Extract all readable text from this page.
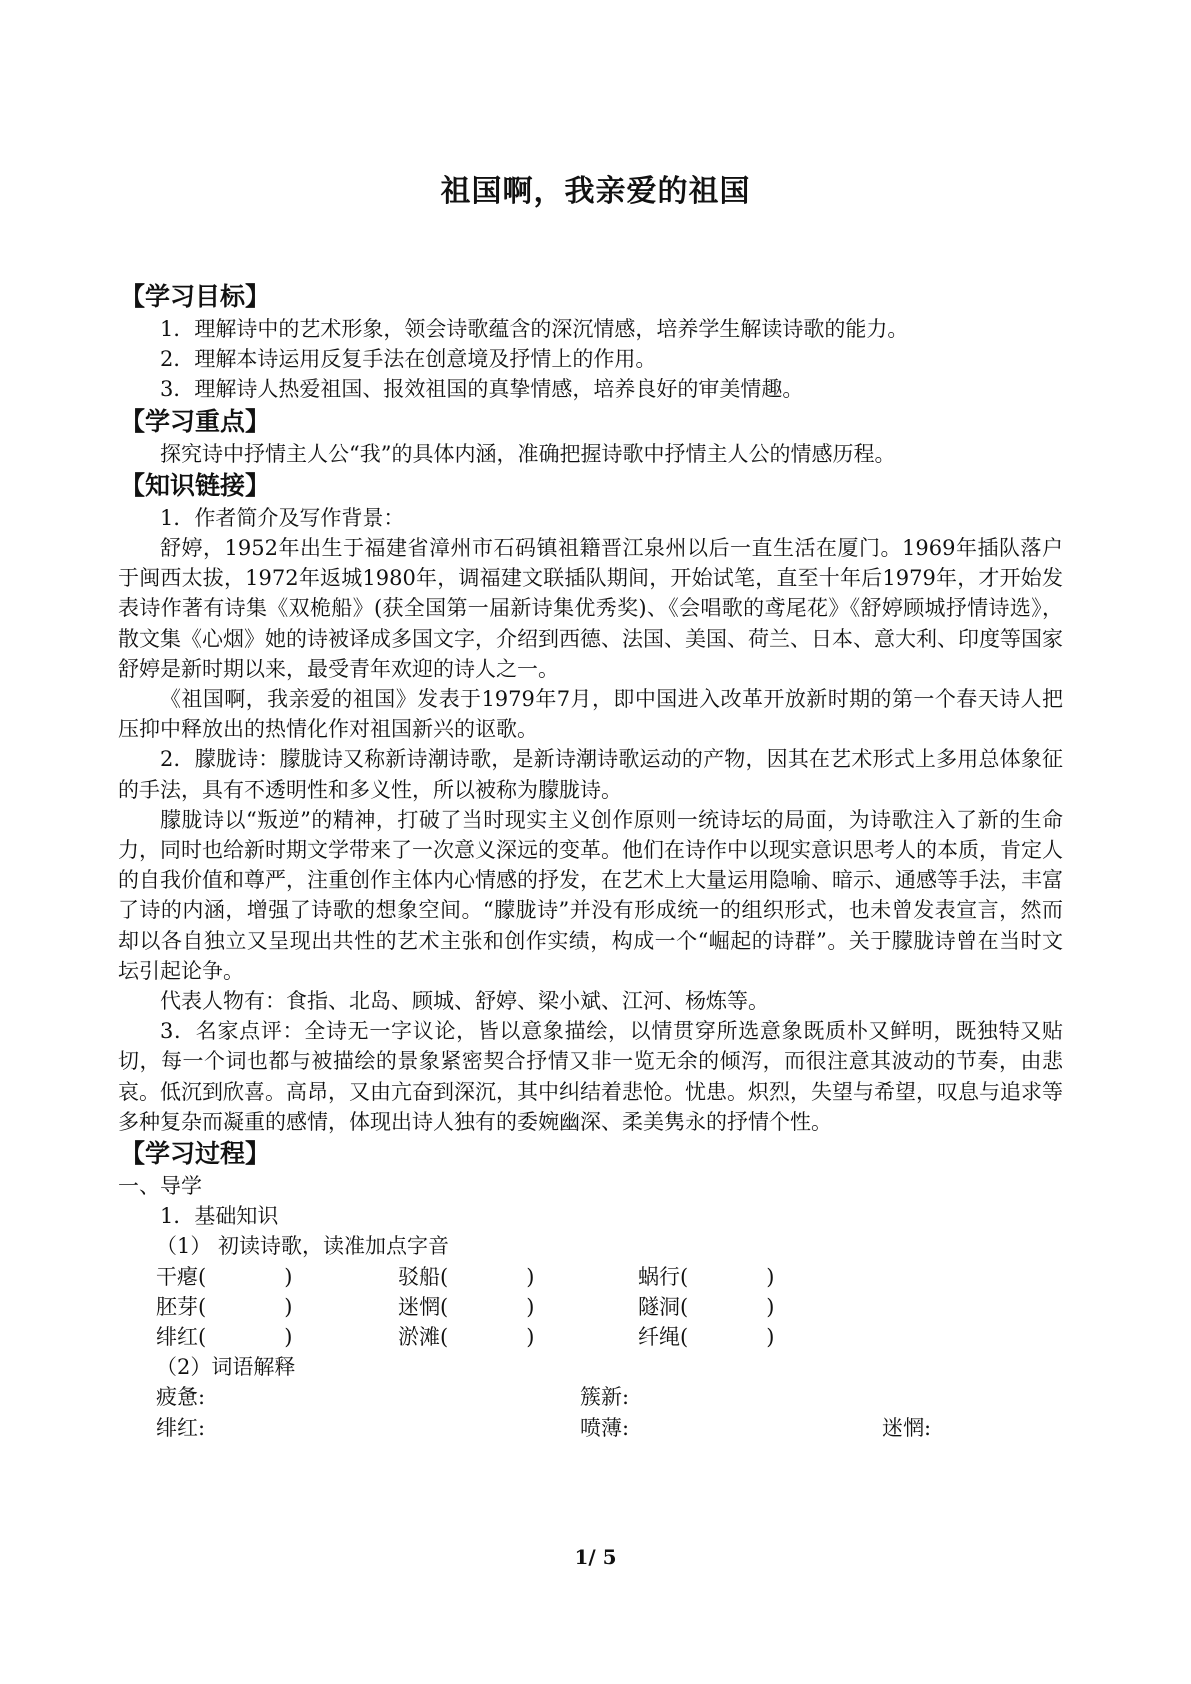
祖国啊，我亲爱的祖国
【学习目标】

1．理解诗中的艺术形象，领会诗歌蕴含的深沉情感，培养学生解读诗歌的能力。

2．理解本诗运用反复手法在创意境及抒情上的作用。

3．理解诗人热爱祖国、报效祖国的真挚情感，培养良好的审美情趣。

【学习重点】

探究诗中抒情主人公“我”的具体内涵，准确把握诗歌中抒情主人公的情感历程。

【知识链接】

1．作者简介及写作背景：

舒婷，1952年出生于福建省漳州市石码镇祖籍晋江泉州以后一直生活在厦门。1969年插队落户于闽西太拔，1972年返城1980年，调福建文联插队期间，开始试笔，直至十年后1979年，才开始发表诗作著有诗集《双桅船》(获全国第一届新诗集优秀奖)、《会唱歌的鸢尾花》《舒婷顾城抒情诗选》，散文集《心烟》她的诗被译成多国文字，介绍到西德、法国、美国、荷兰、日本、意大利、印度等国家舒婷是新时期以来，最受青年欢迎的诗人之一。

《祖国啊，我亲爱的祖国》发表于1979年7月，即中国进入改革开放新时期的第一个春天诗人把压抑中释放出的热情化作对祖国新兴的讴歌。

2．朦胧诗：朦胧诗又称新诗潮诗歌，是新诗潮诗歌运动的产物，因其在艺术形式上多用总体象征的手法，具有不透明性和多义性，所以被称为朦胧诗。

朦胧诗以“叛逆”的精神，打破了当时现实主义创作原则一统诗坛的局面，为诗歌注入了新的生命力，同时也给新时期文学带来了一次意义深远的变革。他们在诗作中以现实意识思考人的本质，肯定人的自我价值和尊严，注重创作主体内心情感的抒发，在艺术上大量运用隐喻、暗示、通感等手法，丰富了诗的内涵，增强了诗歌的想象空间。“朦胧诗”并没有形成统一的组织形式，也未曾发表宣言，然而却以各自独立又呈现出共性的艺术主张和创作实绩，构成一个“崛起的诗群”。关于朦胧诗曾在当时文坛引起论争。

代表人物有：食指、北岛、顾城、舒婷、梁小斌、江河、杨炼等。

3．名家点评：全诗无一字议论，皆以意象描绘，以情贯穿所选意象既质朴又鲜明，既独特又贴切，每一个词也都与被描绘的景象紧密契合抒情又非一览无余的倾泻，而很注意其波动的节奏，由悲哀。低沉到欣喜。高昂，又由亢奋到深沉，其中纠结着悲怆。忧患。炽烈，失望与希望，叹息与追求等多种复杂而凝重的感情，体现出诗人独有的委婉幽深、柔美隽永的抒情个性。

【学习过程】

一、导学

1．基础知识

（1） 初读诗歌，读准加点字音

干瘪(	)	驳船(	)	蜗行(	)
胚芽(	)	迷惘(	)	隧洞(	)
绯红(	)	淤滩(	)	纤绳(	)

（2）词语解释

疲惫:	簇新:
绯红:	喷薄:	迷惘:
1/ 5
